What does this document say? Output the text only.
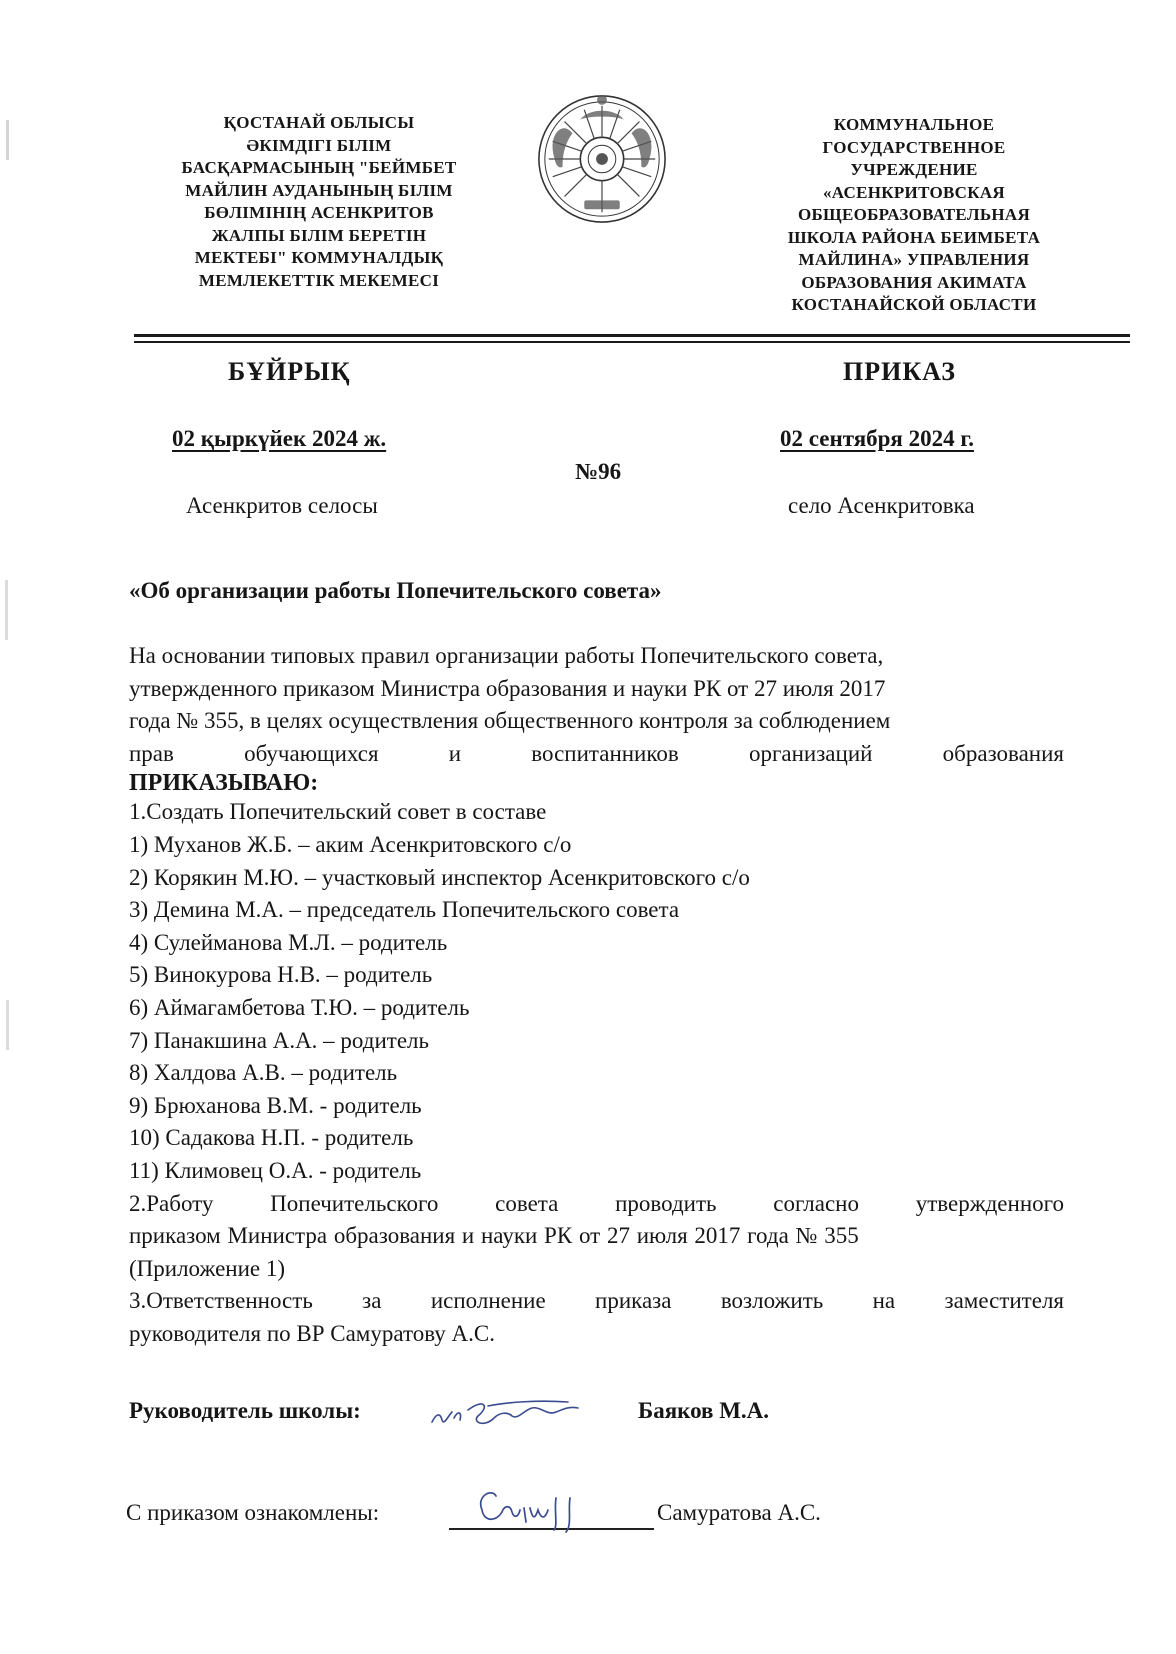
ҚОСТАНАЙ ОБЛЫСЫ
ӘКІМДІГІ БІЛІМ
БАСҚАРМАСЫНЫҢ "БЕЙМБЕТ
МАЙЛИН АУДАНЫНЫҢ БІЛІМ
БӨЛІМІНІҢ АСЕНКРИТОВ
ЖАЛПЫ БІЛІМ БЕРЕТІН
МЕКТЕБІ" КОММУНАЛДЫҚ
МЕМЛЕКЕТТІК МЕКЕМЕСІ
КОММУНАЛЬНОЕ
ГОСУДАРСТВЕННОЕ
УЧРЕЖДЕНИЕ
«АСЕНКРИТОВСКАЯ
ОБЩЕОБРАЗОВАТЕЛЬНАЯ
ШКОЛА РАЙОНА БЕИМБЕТА
МАЙЛИНА» УПРАВЛЕНИЯ
ОБРАЗОВАНИЯ АКИМАТА
КОСТАНАЙСКОЙ ОБЛАСТИ
БҰЙРЫҚ	ПРИКАЗ
02 қыркүйек 2024 ж.	02 сентября 2024 г.
№96
Асенкритов селосы	село Асенкритовка
«Об организации работы Попечительского совета»
На основании типовых правил организации работы Попечительского совета,
утвержденного приказом Министра образования и науки РК от 27 июля 2017
года № 355, в целях осуществления общественного контроля за соблюдением
прав обучающихся и воспитанников организаций образования
ПРИКАЗЫВАЮ:
1.Создать Попечительский совет в составе
1) Муханов Ж.Б. – аким Асенкритовского с/о
2) Корякин М.Ю. – участковый инспектор Асенкритовского с/о
3) Демина М.А. – председатель Попечительского совета
4) Сулейманова М.Л. – родитель
5) Винокурова Н.В. – родитель
6) Аймагамбетова Т.Ю. – родитель
7) Панакшина А.А. – родитель
8) Халдова А.В. – родитель
9) Брюханова В.М. - родитель
10) Садакова Н.П. - родитель
11) Климовец О.А. - родитель
2.Работу Попечительского совета проводить согласно утвержденного
приказом Министра образования и науки РК от 27 июля 2017 года № 355
(Приложение 1)
3.Ответственность за исполнение приказа возложить на заместителя
руководителя по ВР Самуратову А.С.
Руководитель школы:	Баяков М.А.
С приказом ознакомлены:	Самуратова А.С.
